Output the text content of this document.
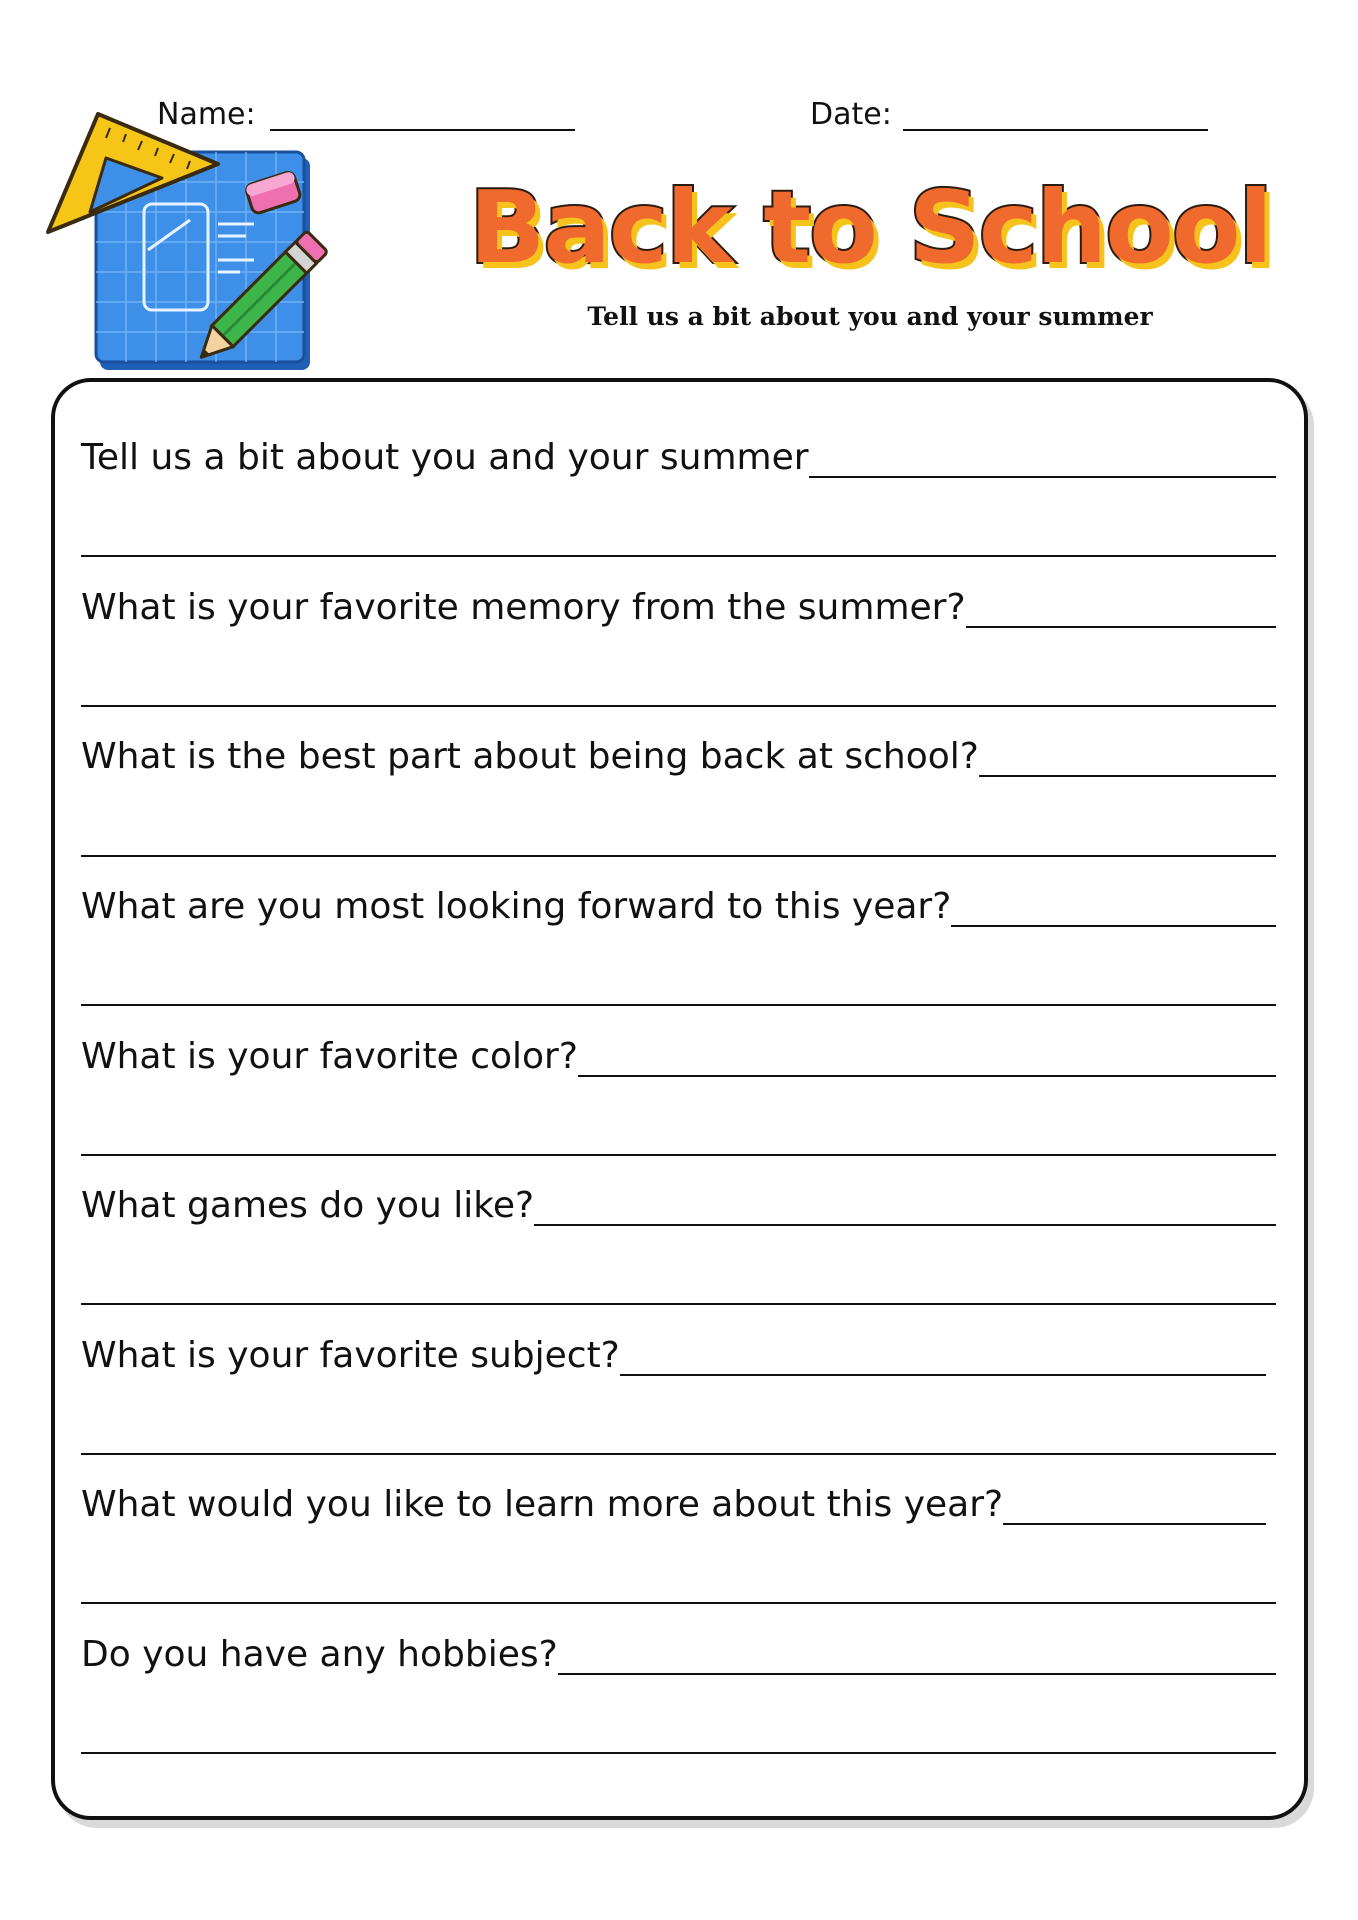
Name:	Date:
Back to School
Tell us a bit about you and your summer
Tell us a bit about you and your summer
What is your favorite memory from the summer?
What is the best part about being back at school?
What are you most looking forward to this year?
What is your favorite color?
What games do you like?
What is your favorite subject?
What would you like to learn more about this year?
Do you have any hobbies?
